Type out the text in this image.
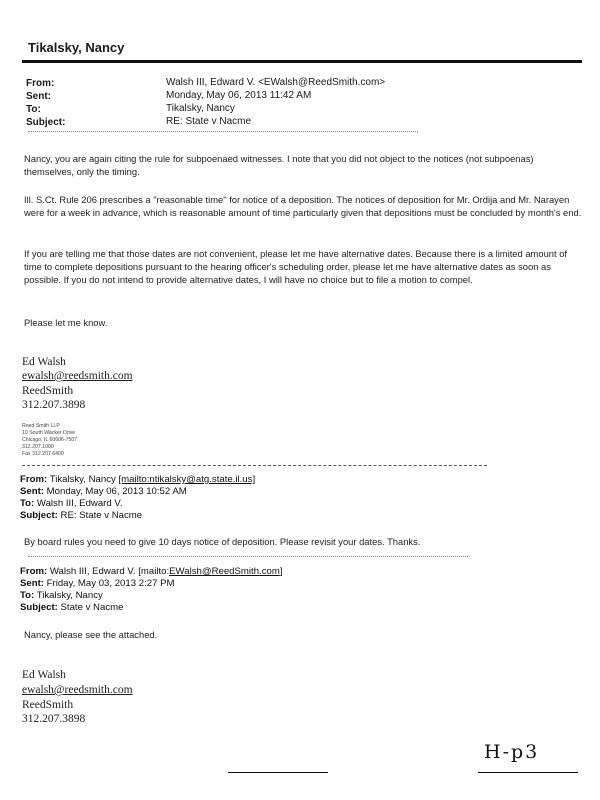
Tikalsky, Nancy
From:	Walsh III, Edward V. <EWalsh@ReedSmith.com>
Sent:	Monday, May 06, 2013 11:42 AM
To:	Tikalsky, Nancy
Subject:	RE: State v Nacme
Nancy, you are again citing the rule for subpoenaed witnesses. I note that you did not object to the notices (not subpoenas) themselves, only the timing.
Ill. S.Ct. Rule 206 prescribes a "reasonable time" for notice of a deposition. The notices of deposition for Mr. Ordija and Mr. Narayen were for a week in advance, which is reasonable amount of time particularly given that depositions must be concluded by month's end.
If you are telling me that those dates are not convenient, please let me have alternative dates. Because there is a limited amount of time to complete depositions pursuant to the hearing officer's scheduling order, please let me have alternative dates as soon as possible. If you do not intend to provide alternative dates, I will have no choice but to file a motion to compel.
Please let me know.
Ed Walsh
ewalsh@reedsmith.com
ReedSmith
312.207.3898
Reed Smith LLP
10 South Wacker Drive
Chicago, IL 60606-7507
312.207.1000
Fax 312.207.6400
From: Tikalsky, Nancy [mailto:ntikalsky@atg.state.il.us]
Sent: Monday, May 06, 2013 10:52 AM
To: Walsh III, Edward V.
Subject: RE: State v Nacme
By board rules you need to give 10 days notice of deposition. Please revisit your dates. Thanks.
From: Walsh III, Edward V. [mailto:EWalsh@ReedSmith.com]
Sent: Friday, May 03, 2013 2:27 PM
To: Tikalsky, Nancy
Subject: State v Nacme
Nancy, please see the attached.
Ed Walsh
ewalsh@reedsmith.com
ReedSmith
312.207.3898
H-p3
